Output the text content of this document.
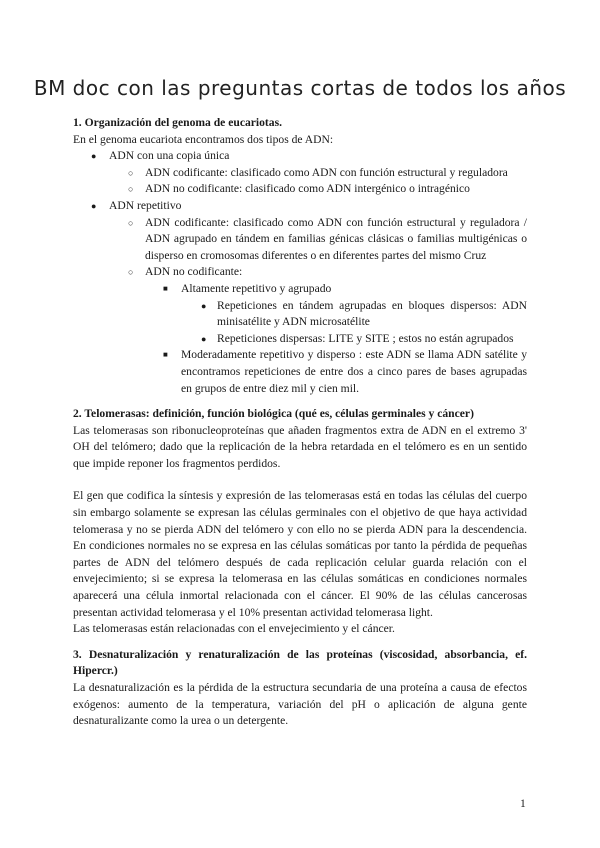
BM doc con las preguntas cortas de todos los años

1. Organización del genoma de eucariotas.

En el genoma eucariota encontramos dos tipos de ADN:

● ADN con una copia única
○ ADN codificante: clasificado como ADN con función estructural y reguladora
○ ADN no codificante: clasificado como ADN intergénico o intragénico
● ADN repetitivo
○ ADN codificante: clasificado como ADN con función estructural y reguladora / ADN agrupado en tándem en familias génicas clásicas o familias multigénicas o disperso en cromosomas diferentes o en diferentes partes del mismo Cruz
○ ADN no codificante:
■ Altamente repetitivo y agrupado
● Repeticiones en tándem agrupadas en bloques dispersos: ADN minisatélite y ADN microsatélite
● Repeticiones dispersas: LITE y SITE ; estos no están agrupados
■ Moderadamente repetitivo y disperso : este ADN se llama ADN satélite y encontramos repeticiones de entre dos a cinco pares de bases agrupadas en grupos de entre diez mil y cien mil.

2. Telomerasas: definición, función biológica (qué es, células germinales y cáncer)

Las telomerasas son ribonucleoproteínas que añaden fragmentos extra de ADN en el extremo 3' OH del telómero; dado que la replicación de la hebra retardada en el telómero es en un sentido que impide reponer los fragmentos perdidos.

El gen que codifica la síntesis y expresión de las telomerasas está en todas las células del cuerpo sin embargo solamente se expresan las células germinales con el objetivo de que haya actividad telomerasa y no se pierda ADN del telómero y con ello no se pierda ADN para la descendencia. En condiciones normales no se expresa en las células somáticas por tanto la pérdida de pequeñas partes de ADN del telómero después de cada replicación celular guarda relación con el envejecimiento; si se expresa la telomerasa en las células somáticas en condiciones normales aparecerá una célula inmortal relacionada con el cáncer. El 90% de las células cancerosas presentan actividad telomerasa y el 10% presentan actividad telomerasa light.

Las telomerasas están relacionadas con el envejecimiento y el cáncer.

3. Desnaturalización y renaturalización de las proteínas (viscosidad, absorbancia, ef. Hipercr.)

La desnaturalización es la pérdida de la estructura secundaria de una proteína a causa de efectos exógenos: aumento de la temperatura, variación del pH o aplicación de alguna gente desnaturalizante como la urea o un detergente.

1
